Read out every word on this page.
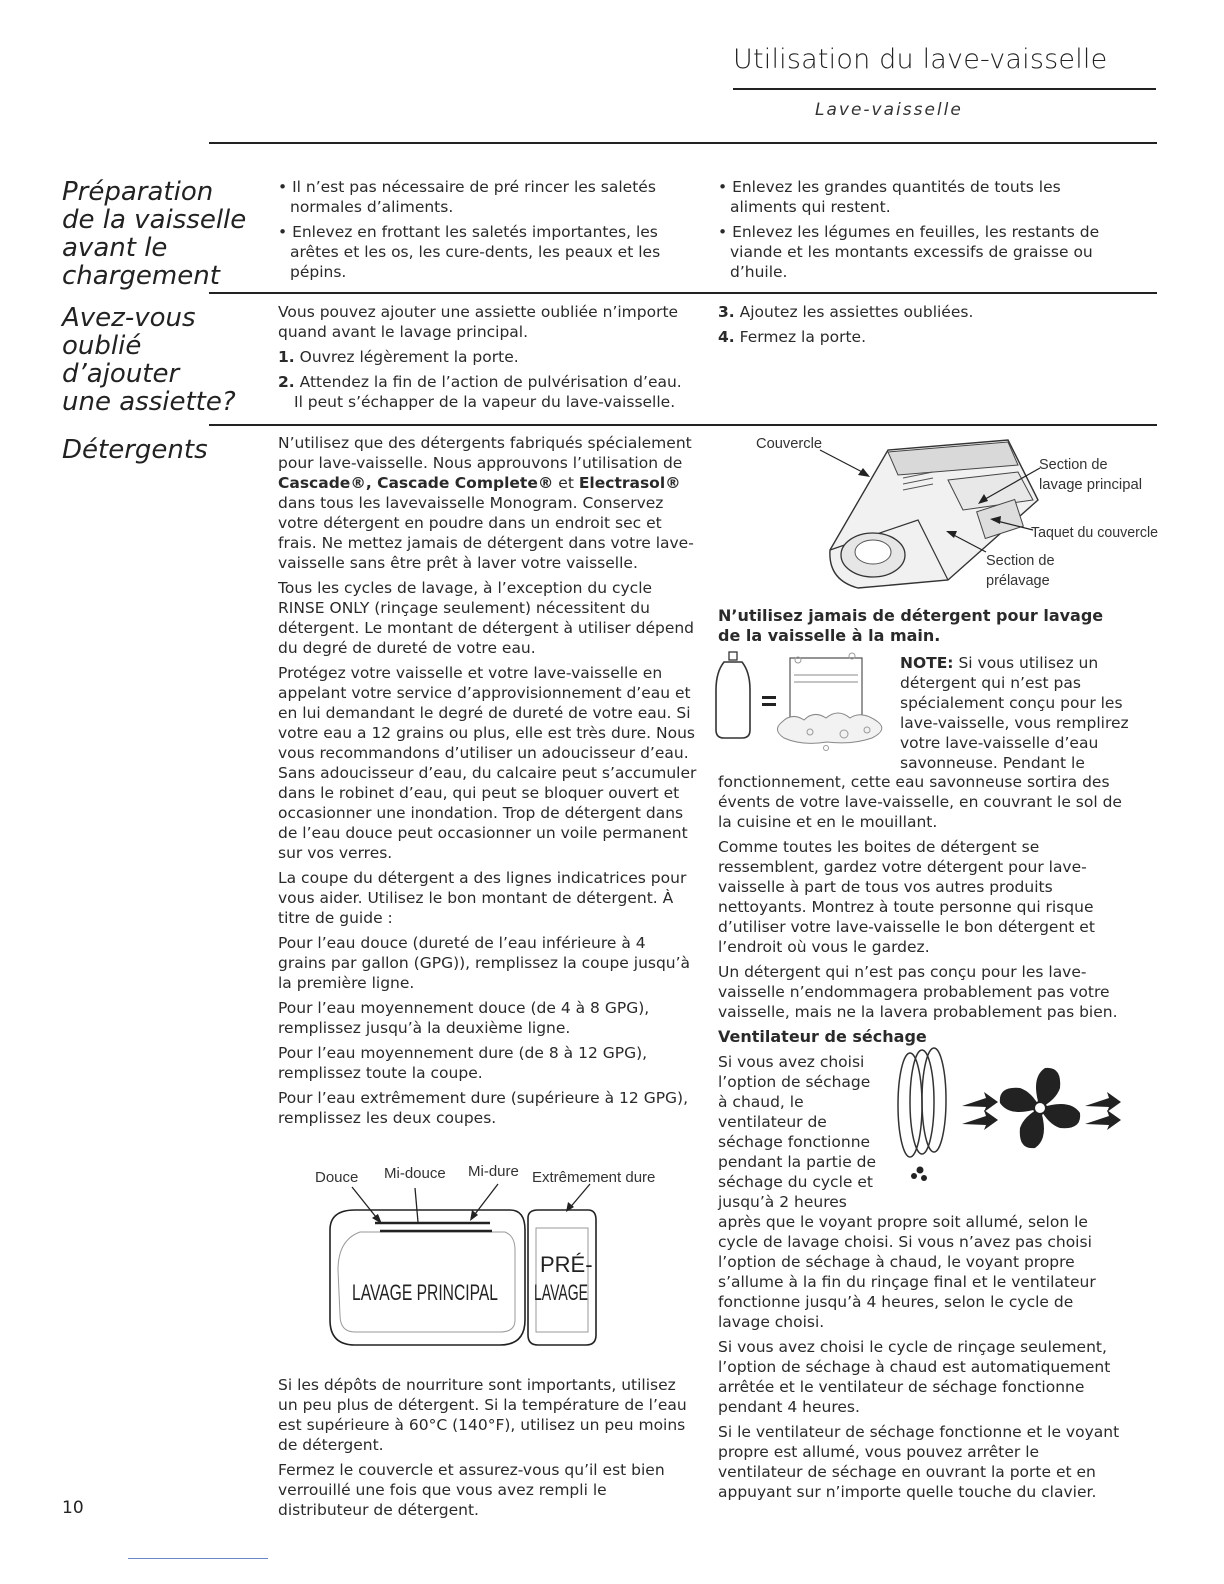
Utilisation du lave-vaisselle
Lave-vaisselle
Préparation
de la vaisselle
avant le
chargement

• Il n’est pas nécessaire de pré rincer les saletés normales d’aliments.

• Enlevez en frottant les saletés importantes, les arêtes et les os, les cure-dents, les peaux et les pépins.

• Enlevez les grandes quantités de touts les aliments qui restent.

• Enlevez les légumes en feuilles, les restants de viande et les montants excessifs de graisse ou d’huile.

Avez-vous
oublié
d’ajouter
une assiette?

Vous pouvez ajouter une assiette oubliée n’importe quand avant le lavage principal.

1. Ouvrez légèrement la porte.

2. Attendez la fin de l’action de pulvérisation d’eau. Il peut s’échapper de la vapeur du lave-vaisselle.

3. Ajoutez les assiettes oubliées.

4. Fermez la porte.

Détergents	N’utilisez que des détergents fabriqués spécialement pour lave-vaisselle. Nous approuvons l’utilisation de Cascade®, Cascade Complete® et Electrasol® dans tous les lavevaisselle Monogram. Conservez votre détergent en poudre dans un endroit sec et frais. Ne mettez jamais de détergent dans votre lave-vaisselle sans être prêt à laver votre vaisselle.

Tous les cycles de lavage, à l’exception du cycle RINSE ONLY (rinçage seulement) nécessitent du détergent. Le montant de détergent à utiliser dépend du degré de dureté de votre eau.

Protégez votre vaisselle et votre lave-vaisselle en appelant votre service d’approvisionnement d’eau et en lui demandant le degré de dureté de votre eau. Si votre eau a 12 grains ou plus, elle est très dure. Nous vous recommandons d’utiliser un adoucisseur d’eau. Sans adoucisseur d’eau, du calcaire peut s’accumuler dans le robinet d’eau, qui peut se bloquer ouvert et occasionner une inondation. Trop de détergent dans de l’eau douce peut occasionner un voile permanent sur vos verres.

La coupe du détergent a des lignes indicatrices pour vous aider. Utilisez le bon montant de détergent. À titre de guide :

Pour l’eau douce (dureté de l’eau inférieure à 4 grains par gallon (GPG)), remplissez la coupe jusqu’à la première ligne.

Pour l’eau moyennement douce (de 4 à 8 GPG), remplissez jusqu’à la deuxième ligne.

Pour l’eau moyennement dure (de 8 à 12 GPG), remplissez toute la coupe.

Pour l’eau extrêmement dure (supérieure à 12 GPG), remplissez les deux coupes.

Douce Mi-douce Mi-dure Extrêmement dure
LAVAGE PRINCIPAL
PRÉ-
LAVAGE

Si les dépôts de nourriture sont importants, utilisez un peu plus de détergent. Si la température de l’eau est supérieure à 60°C (140°F), utilisez un peu moins de détergent.

Fermez le couvercle et assurez-vous qu’il est bien verrouillé une fois que vous avez rempli le distributeur de détergent.

Couvercle
Section de
lavage principal
Taquet du couvercle
Section de
prélavage

N’utilisez jamais de détergent pour lavage de la vaisselle à la main.

NOTE: Si vous utilisez un détergent qui n’est pas spécialement conçu pour les lave-vaisselle, vous remplirez votre lave-vaisselle d’eau savonneuse. Pendant le

fonctionnement, cette eau savonneuse sortira des évents de votre lave-vaisselle, en couvrant le sol de la cuisine et en le mouillant.

Comme toutes les boites de détergent se ressemblent, gardez votre détergent pour lave-vaisselle à part de tous vos autres produits nettoyants. Montrez à toute personne qui risque d’utiliser votre lave-vaisselle le bon détergent et l’endroit où vous le gardez.

Un détergent qui n’est pas conçu pour les lave-vaisselle n’endommagera probablement pas votre vaisselle, mais ne la lavera probablement pas bien.

Ventilateur de séchage

Si vous avez choisi l’option de séchage à chaud, le ventilateur de séchage fonctionne pendant la partie de séchage du cycle et jusqu’à 2 heures

après que le voyant propre soit allumé, selon le cycle de lavage choisi. Si vous n’avez pas choisi l’option de séchage à chaud, le voyant propre s’allume à la fin du rinçage final et le ventilateur fonctionne jusqu’à 4 heures, selon le cycle de lavage choisi.

Si vous avez choisi le cycle de rinçage seulement, l’option de séchage à chaud est automatiquement arrêtée et le ventilateur de séchage fonctionne pendant 4 heures.

Si le ventilateur de séchage fonctionne et le voyant propre est allumé, vous pouvez arrêter le ventilateur de séchage en ouvrant la porte et en appuyant sur n’importe quelle touche du clavier.

10
